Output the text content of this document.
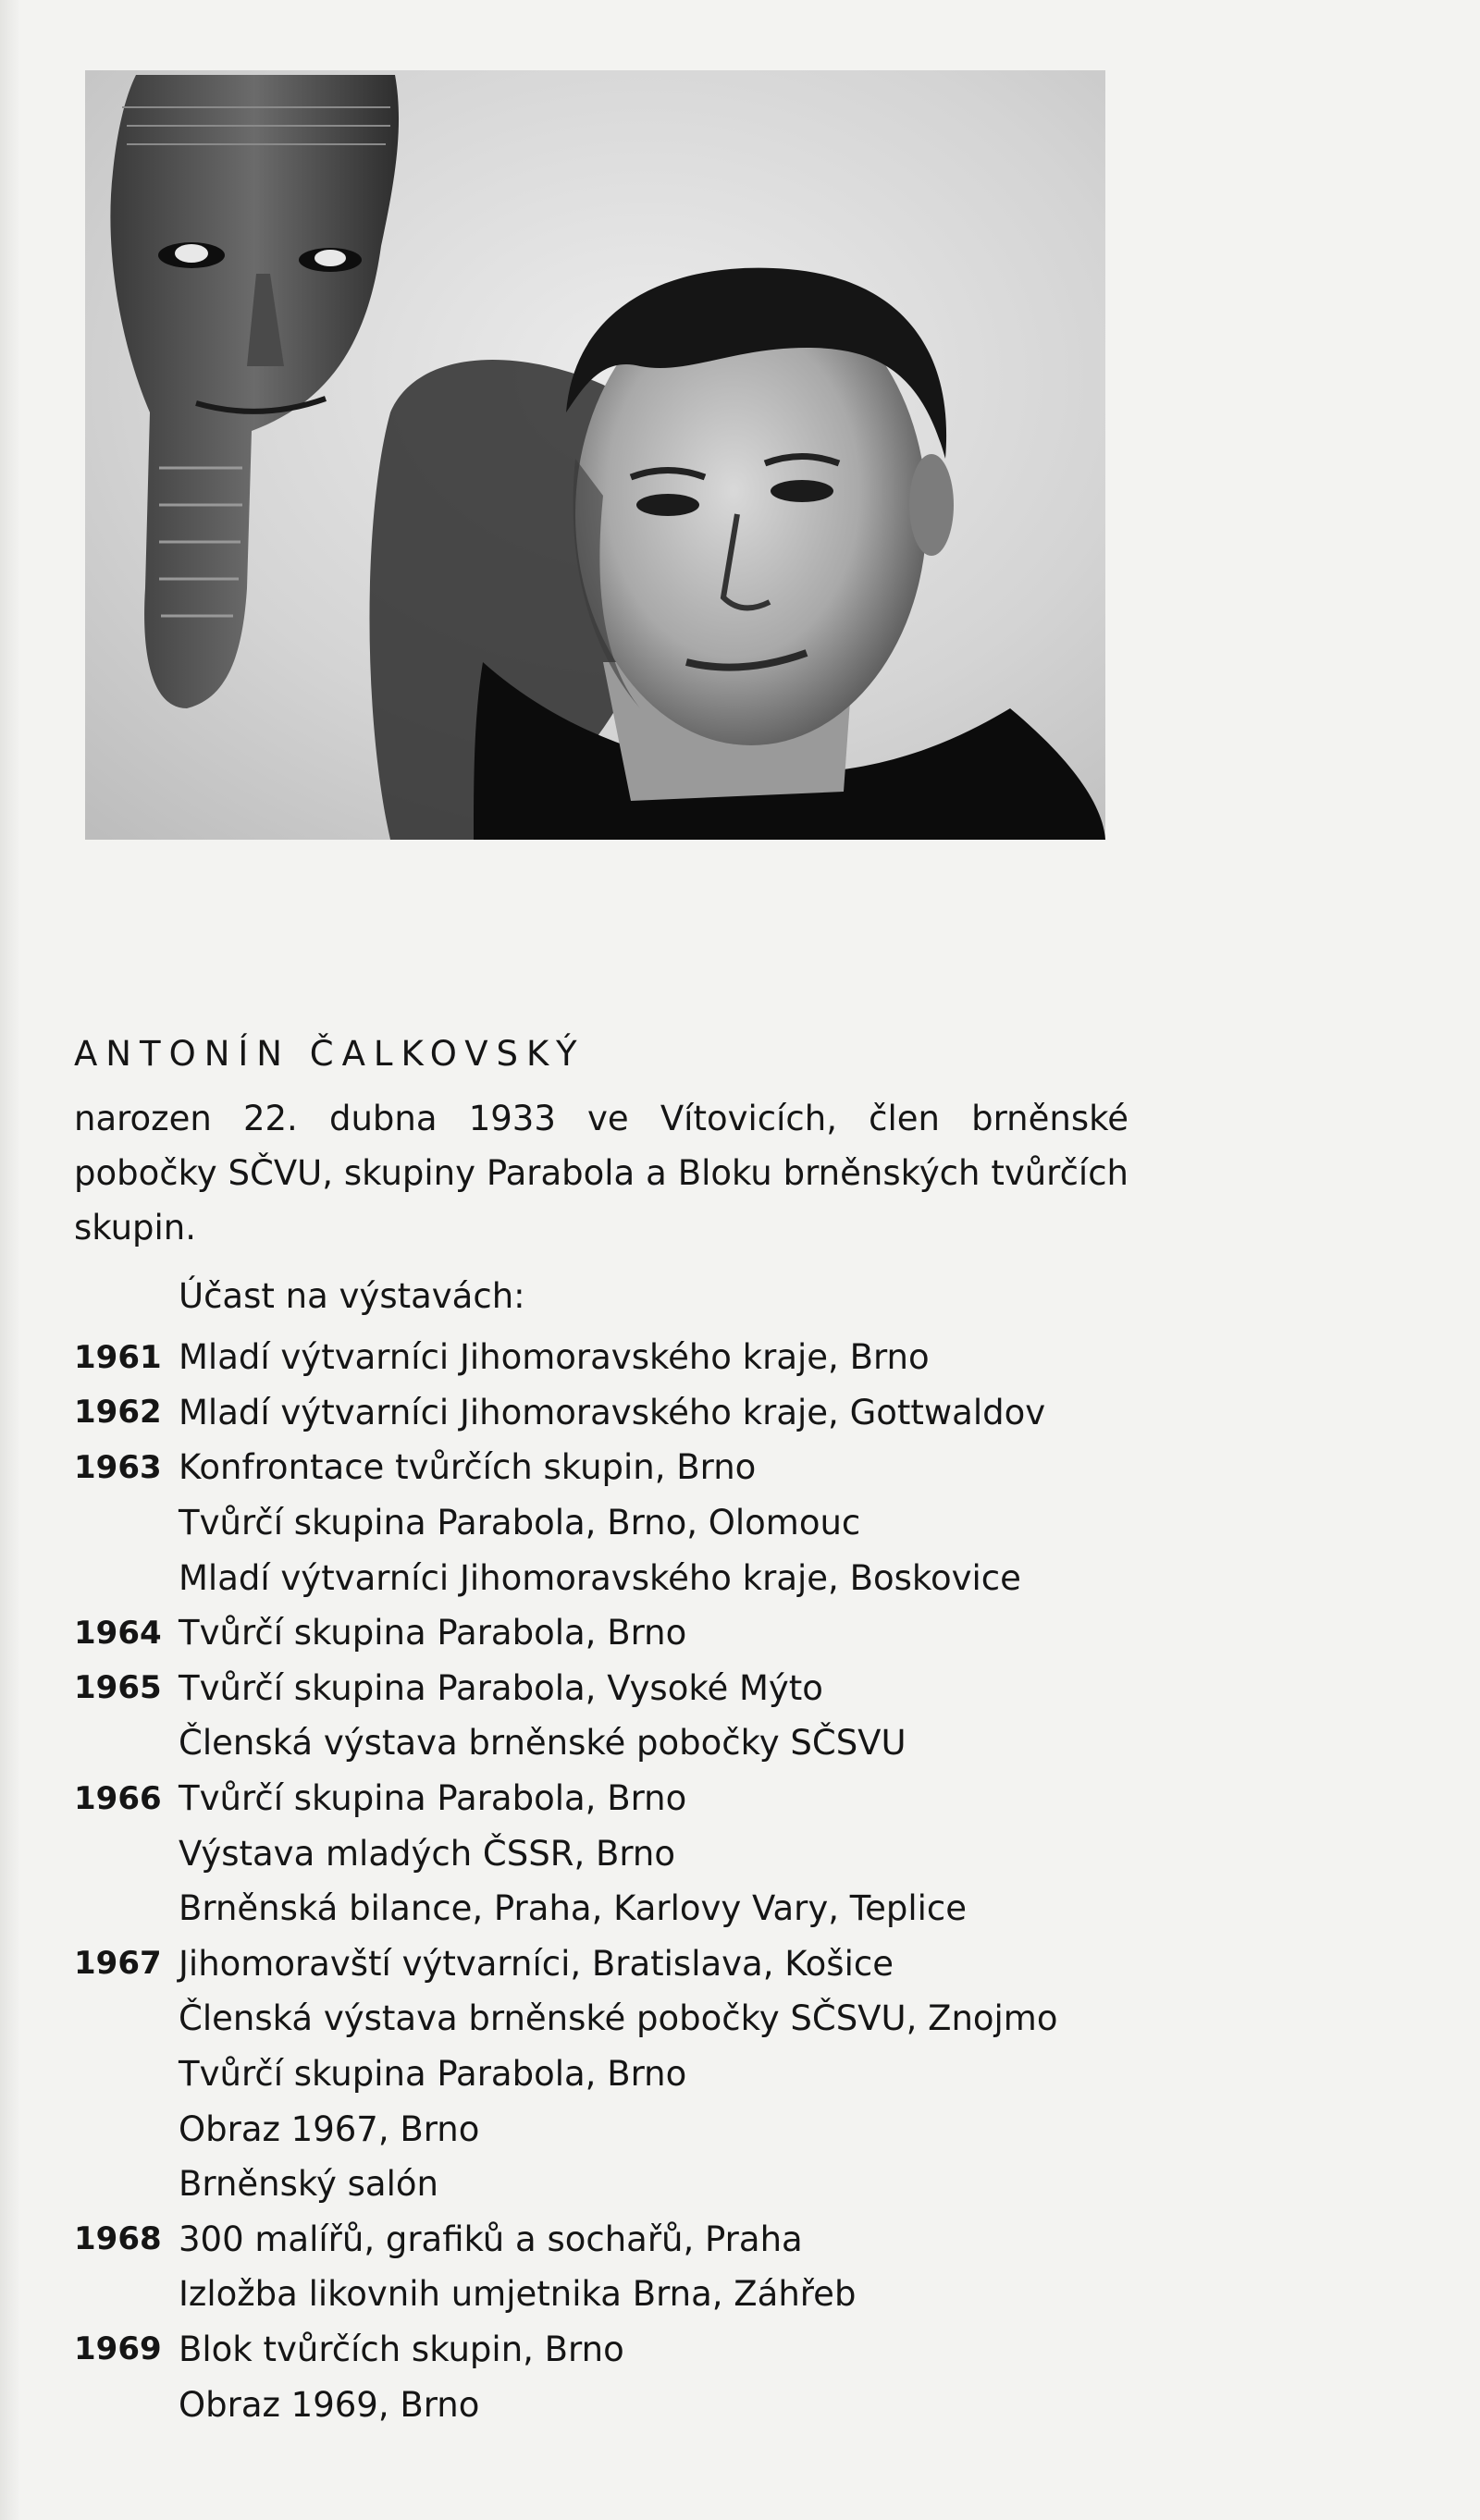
ANTONÍN ČALKOVSKÝ

narozen 22. dubna 1933 ve Vítovicích, člen brněnské pobočky SČVU, skupiny Parabola a Bloku brněnských tvůrčích skupin.

Účast na výstavách:

1961 Mladí výtvarníci Jihomoravského kraje, Brno
1962 Mladí výtvarníci Jihomoravského kraje, Gottwaldov
1963 Konfrontace tvůrčích skupin, Brno
Tvůrčí skupina Parabola, Brno, Olomouc
Mladí výtvarníci Jihomoravského kraje, Boskovice
1964 Tvůrčí skupina Parabola, Brno
1965 Tvůrčí skupina Parabola, Vysoké Mýto
Členská výstava brněnské pobočky SČSVU
1966 Tvůrčí skupina Parabola, Brno
Výstava mladých ČSSR, Brno
Brněnská bilance, Praha, Karlovy Vary, Teplice
1967 Jihomoravští výtvarníci, Bratislava, Košice
Členská výstava brněnské pobočky SČSVU, Znojmo
Tvůrčí skupina Parabola, Brno
Obraz 1967, Brno
Brněnský salón
1968 300 malířů, grafiků a sochařů, Praha
Izložba likovnih umjetnika Brna, Záhřeb
1969 Blok tvůrčích skupin, Brno
Obraz 1969, Brno
